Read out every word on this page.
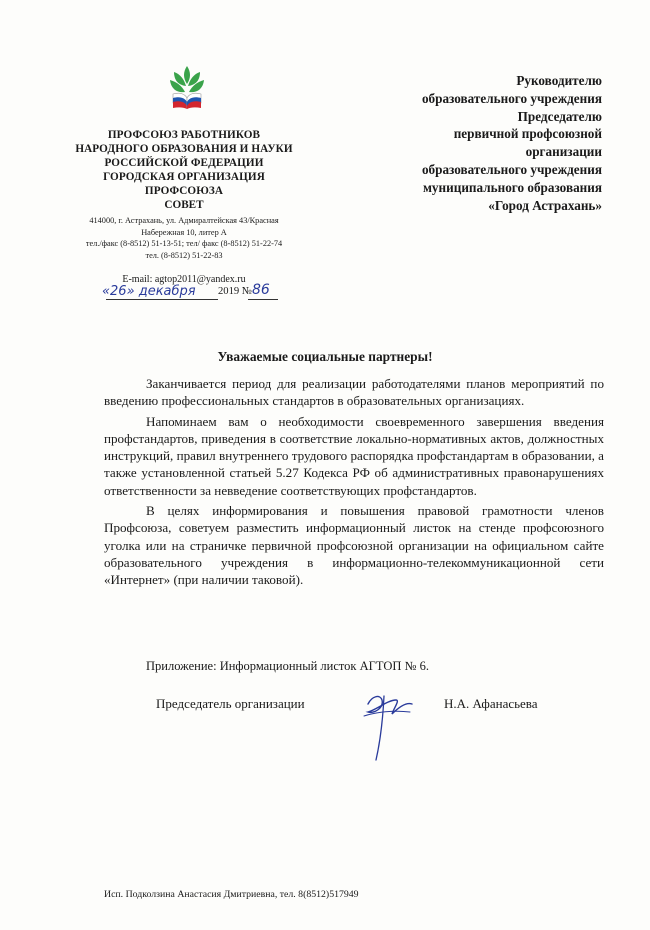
ПРОФСОЮЗ РАБОТНИКОВ
НАРОДНОГО ОБРАЗОВАНИЯ И НАУКИ
РОССИЙСКОЙ ФЕДЕРАЦИИ
ГОРОДСКАЯ ОРГАНИЗАЦИЯ
ПРОФСОЮЗА
СОВЕТ
414000, г. Астрахань, ул. Адмиралтейская 43/Красная
Набережная 10, литер А
тел./факс (8-8512) 51-13-51; тел/ факс (8-8512) 51-22-74
тел. (8-8512) 51-22-83
E-mail: agtop2011@yandex.ru
«26» декабря 2019 № 86
Руководителю
образовательного учреждения
Председателю
первичной профсоюзной
организации
образовательного учреждения
муниципального образования
«Город Астрахань»
Уважаемые социальные партнеры!

Заканчивается период для реализации работодателями планов мероприятий по введению профессиональных стандартов в образовательных организациях.

Напоминаем вам о необходимости своевременного завершения введения профстандартов, приведения в соответствие локально-нормативных актов, должностных инструкций, правил внутреннего трудового распорядка профстандартам в образовании, а также установленной статьей 5.27 Кодекса РФ об административных правонарушениях ответственности за невведение соответствующих профстандартов.

В целях информирования и повышения правовой грамотности членов Профсоюза, советуем разместить информационный листок на стенде профсоюзного уголка или на страничке первичной профсоюзной организации на официальном сайте образовательного учреждения в информационно-телекоммуникационной сети «Интернет» (при наличии таковой).

Приложение: Информационный листок АГТОП № 6.
Председатель организации	Н.А. Афанасьева
Исп. Подколзина Анастасия Дмитриевна, тел. 8(8512)517949
